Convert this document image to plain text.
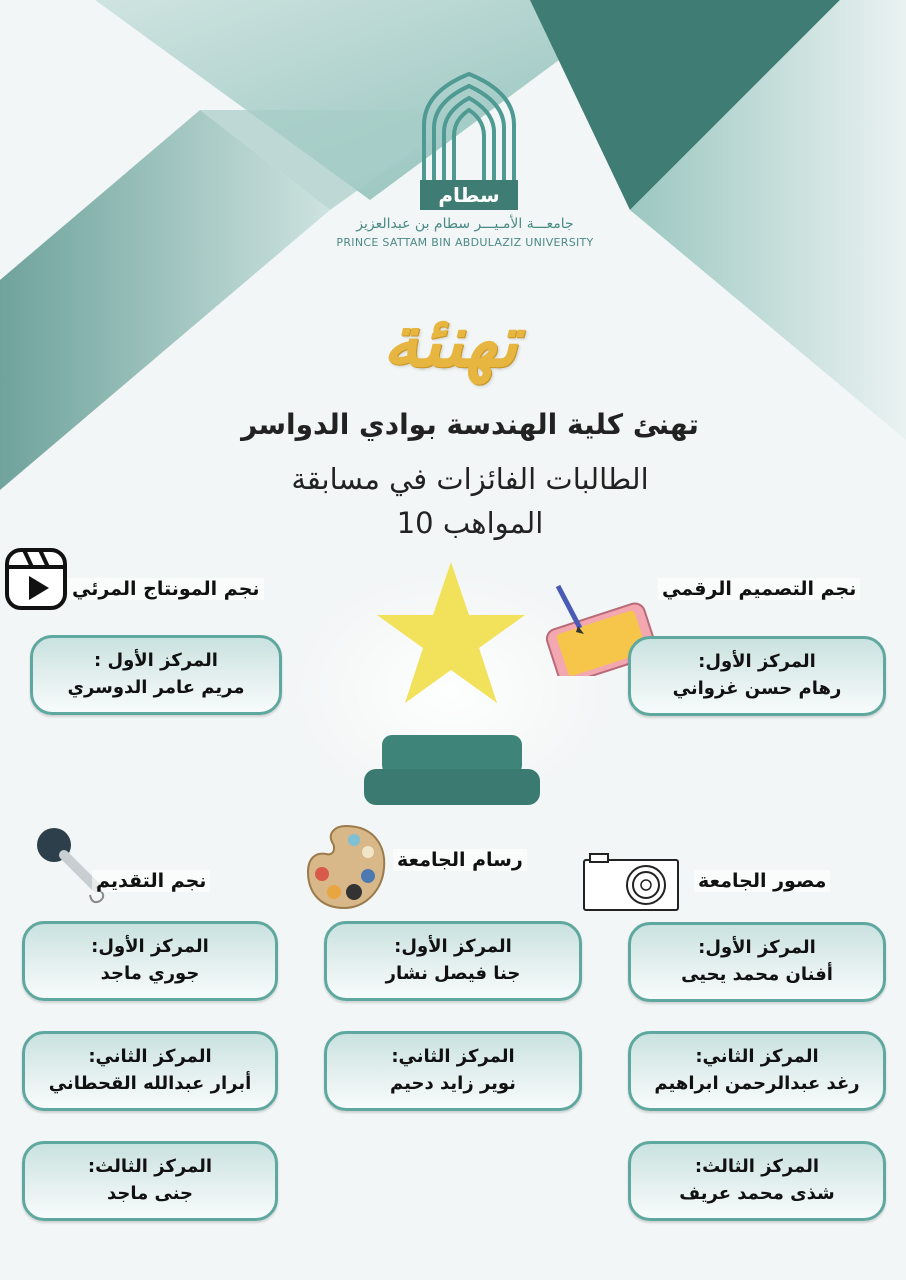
سطام
جامعـــة الأمـيـــر سطام بن عبدالعزيز
PRINCE SATTAM BIN ABDULAZIZ UNIVERSITY
تهنئة
تهنئ كلية الهندسة بوادي الدواسر
الطالبات الفائزات في مسابقة
المواهب 10
نجم المونتاج المرئي
المركز الأول :
مريم عامر الدوسري
نجم التصميم الرقمي
المركز الأول:
رهام حسن غزواني
نجم التقديم
المركز الأول:
جوري ماجد
المركز الثاني:
أبرار عبدالله القحطاني
المركز الثالث:
جنى ماجد
رسام الجامعة
المركز الأول:
جنا فيصل نشار
المركز الثاني:
نوير زايد دحيم
مصور الجامعة
المركز الأول:
أفنان محمد يحيى
المركز الثاني:
رغد عبدالرحمن ابراهيم
المركز الثالث:
شذى محمد عريف
